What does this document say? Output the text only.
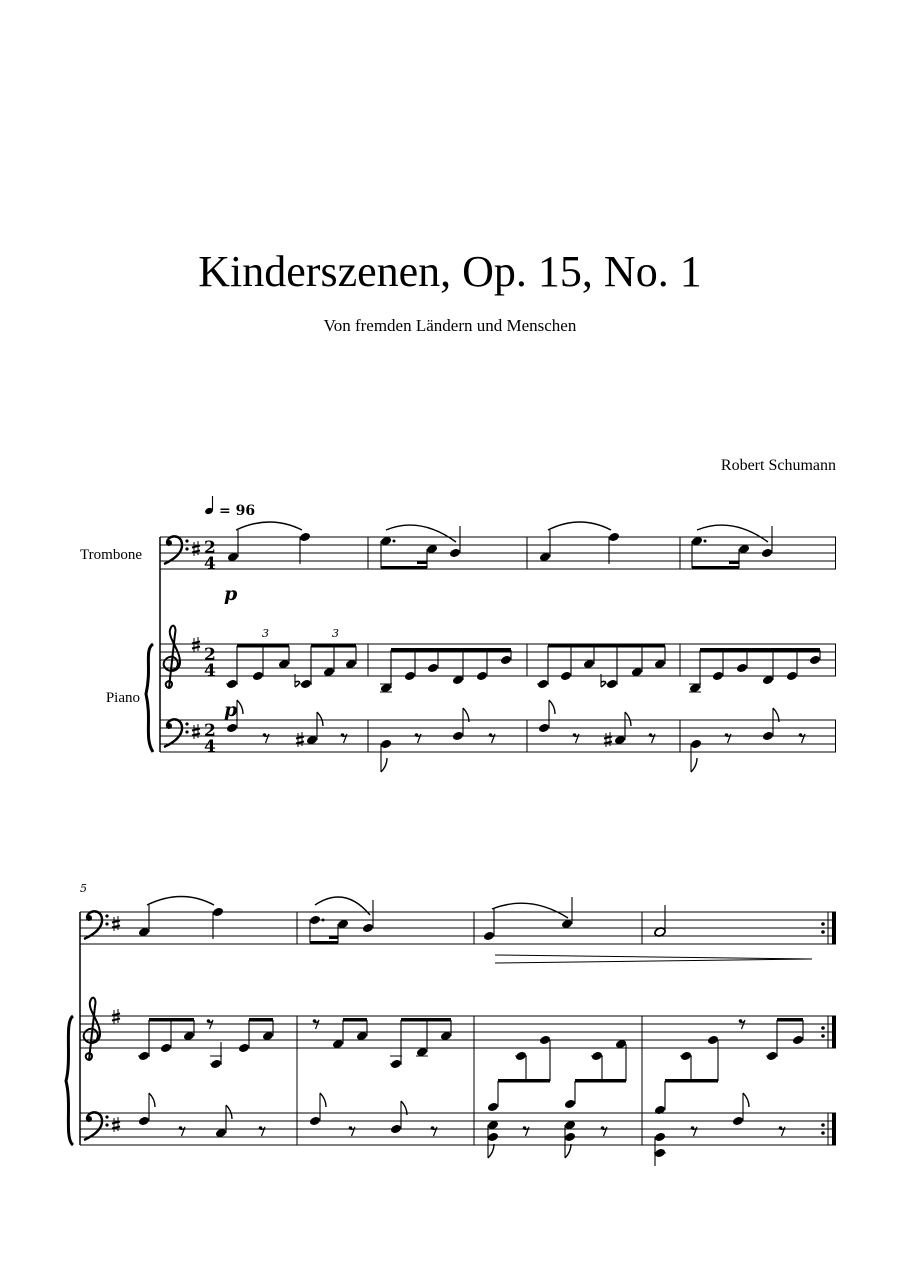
Kinderszenen, Op. 15, No. 1
Von fremden Ländern und Menschen
Robert Schumann
= 96
Trombone
Piano
2
4
p
2
4
3	3
p
2
4
5
